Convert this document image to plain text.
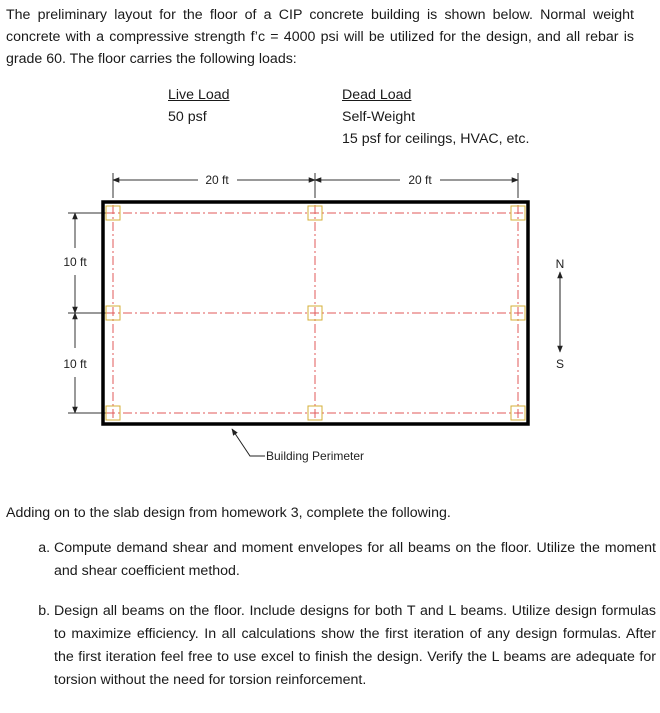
The preliminary layout for the floor of a CIP concrete building is shown below. Normal weight concrete with a compressive strength f’c = 4000 psi will be utilized for the design, and all rebar is grade 60. The floor carries the following loads:

Live Load
50 psf
Dead Load
Self-Weight
15 psf for ceilings, HVAC, etc.
20 ft	20 ft
10 ft
10 ft
Building Perimeter
N
S

Adding on to the slab design from homework 3, complete the following.

a. Compute demand shear and moment envelopes for all beams on the floor. Utilize the moment and shear coefficient method.
b. Design all beams on the floor. Include designs for both T and L beams. Utilize design formulas to maximize efficiency. In all calculations show the first iteration of any design formulas. After the first iteration feel free to use excel to finish the design. Verify the L beams are adequate for torsion without the need for torsion reinforcement.
